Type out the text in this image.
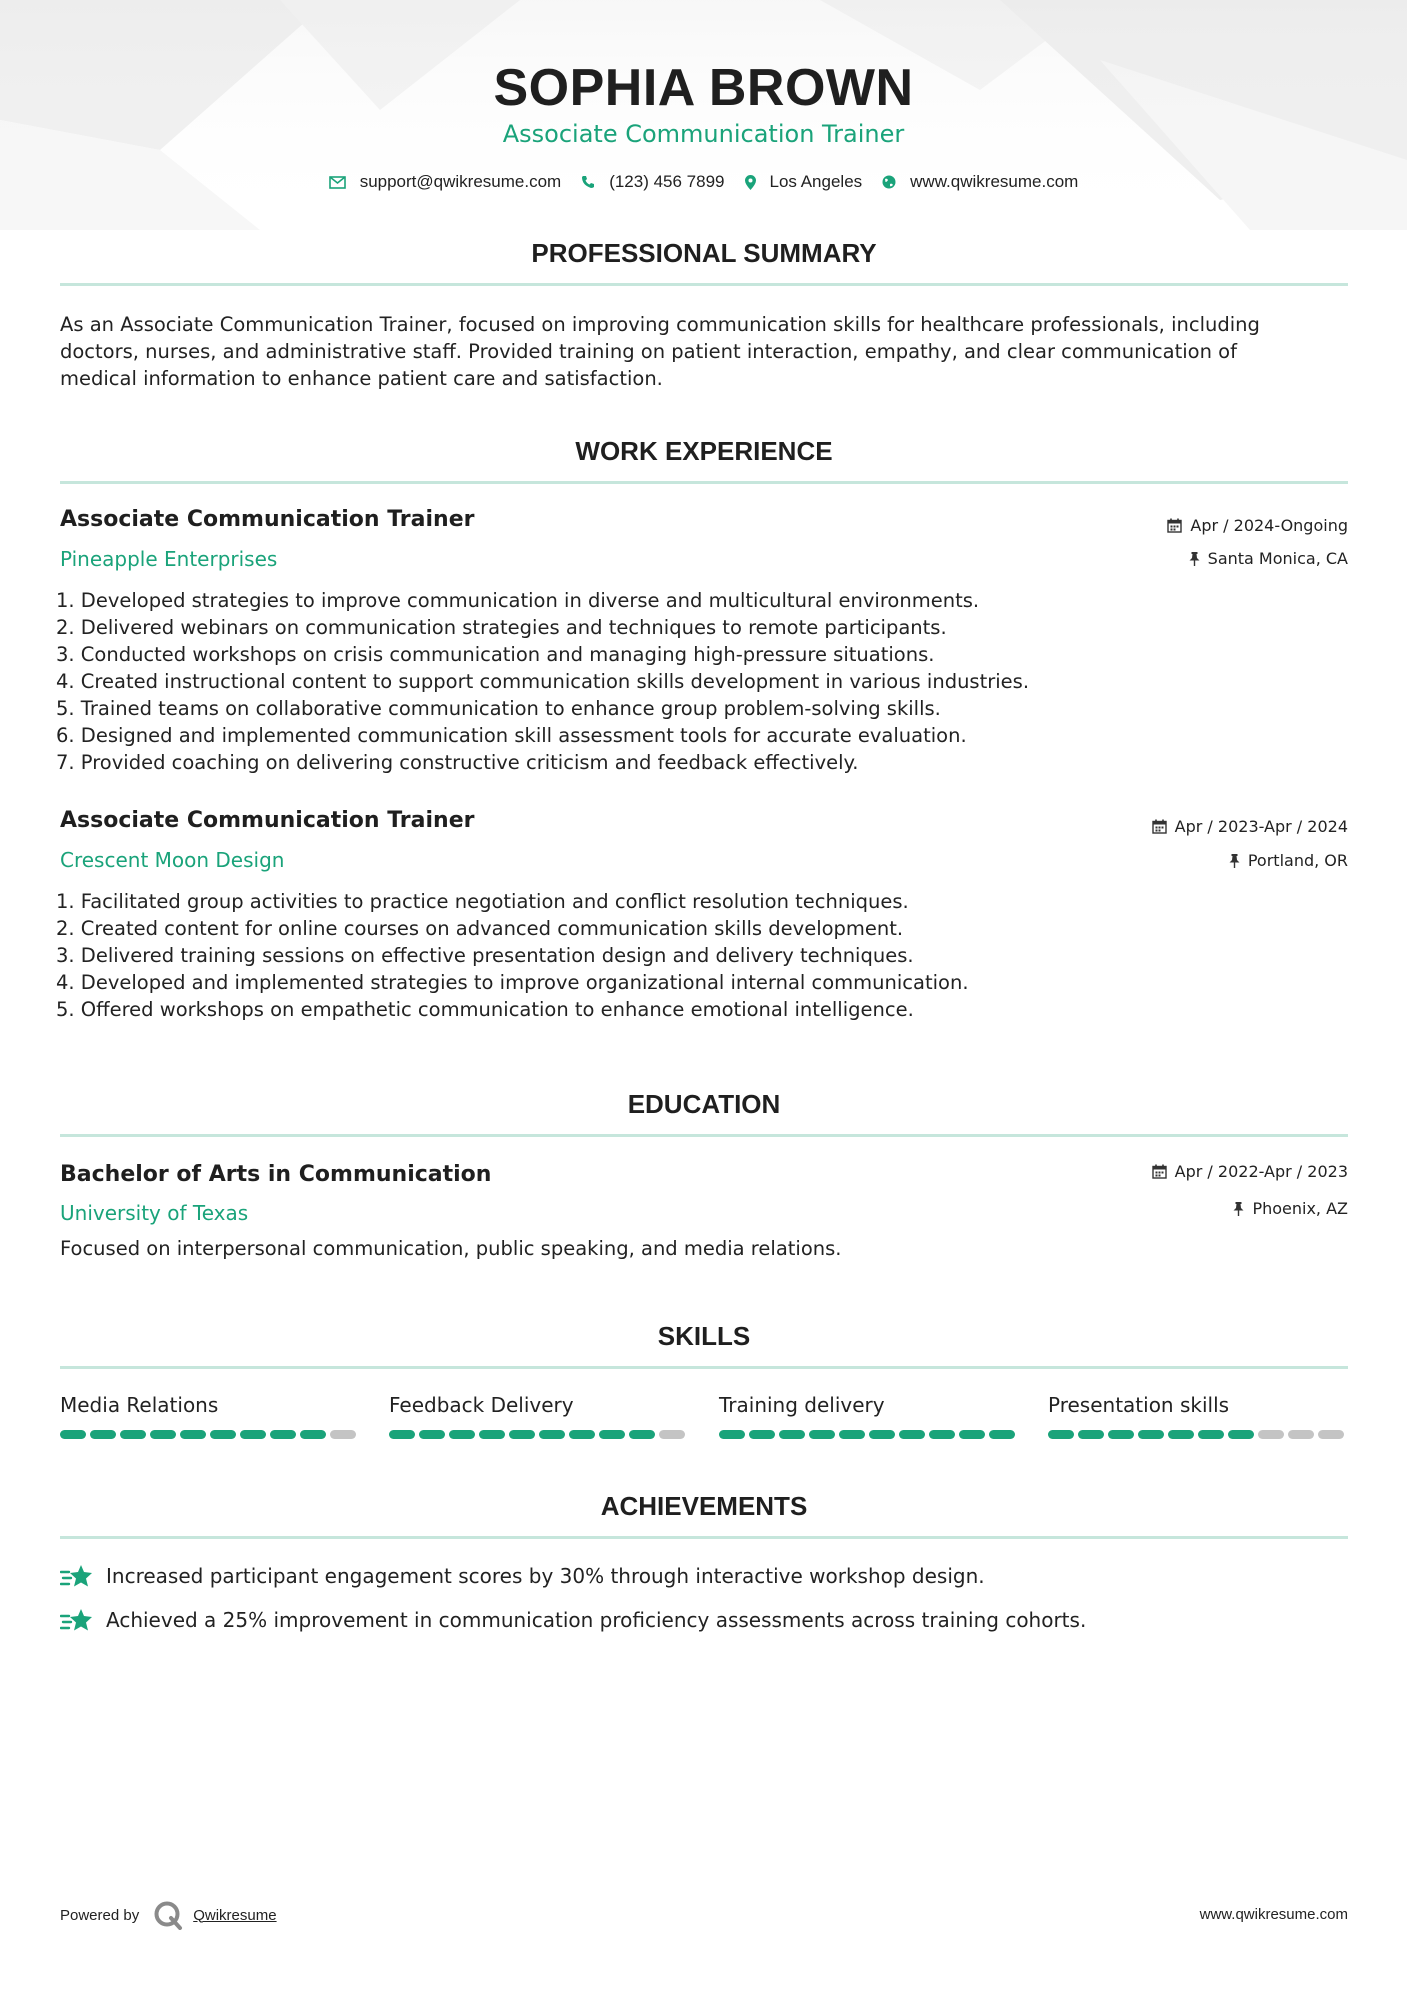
SOPHIA BROWN
Associate Communication Trainer
support@qwikresume.com	(123) 456 7899	Los Angeles	www.qwikresume.com
PROFESSIONAL SUMMARY
As an Associate Communication Trainer, focused on improving communication skills for healthcare professionals, including
doctors, nurses, and administrative staff. Provided training on patient interaction, empathy, and clear communication of
medical information to enhance patient care and satisfaction.
WORK EXPERIENCE
Associate Communication Trainer	Apr / 2024-Ongoing
Pineapple Enterprises	Santa Monica, CA
1. Developed strategies to improve communication in diverse and multicultural environments.
2. Delivered webinars on communication strategies and techniques to remote participants.
3. Conducted workshops on crisis communication and managing high-pressure situations.
4. Created instructional content to support communication skills development in various industries.
5. Trained teams on collaborative communication to enhance group problem-solving skills.
6. Designed and implemented communication skill assessment tools for accurate evaluation.
7. Provided coaching on delivering constructive criticism and feedback effectively.
Associate Communication Trainer	Apr / 2023-Apr / 2024
Crescent Moon Design	Portland, OR
1. Facilitated group activities to practice negotiation and conflict resolution techniques.
2. Created content for online courses on advanced communication skills development.
3. Delivered training sessions on effective presentation design and delivery techniques.
4. Developed and implemented strategies to improve organizational internal communication.
5. Offered workshops on empathetic communication to enhance emotional intelligence.
EDUCATION
Bachelor of Arts in Communication	Apr / 2022-Apr / 2023
University of Texas	Phoenix, AZ
Focused on interpersonal communication, public speaking, and media relations.
SKILLS
Media Relations	Feedback Delivery	Training delivery	Presentation skills
ACHIEVEMENTS
Increased participant engagement scores by 30% through interactive workshop design.
Achieved a 25% improvement in communication proficiency assessments across training cohorts.
Powered by	Qwikresume	www.qwikresume.com
